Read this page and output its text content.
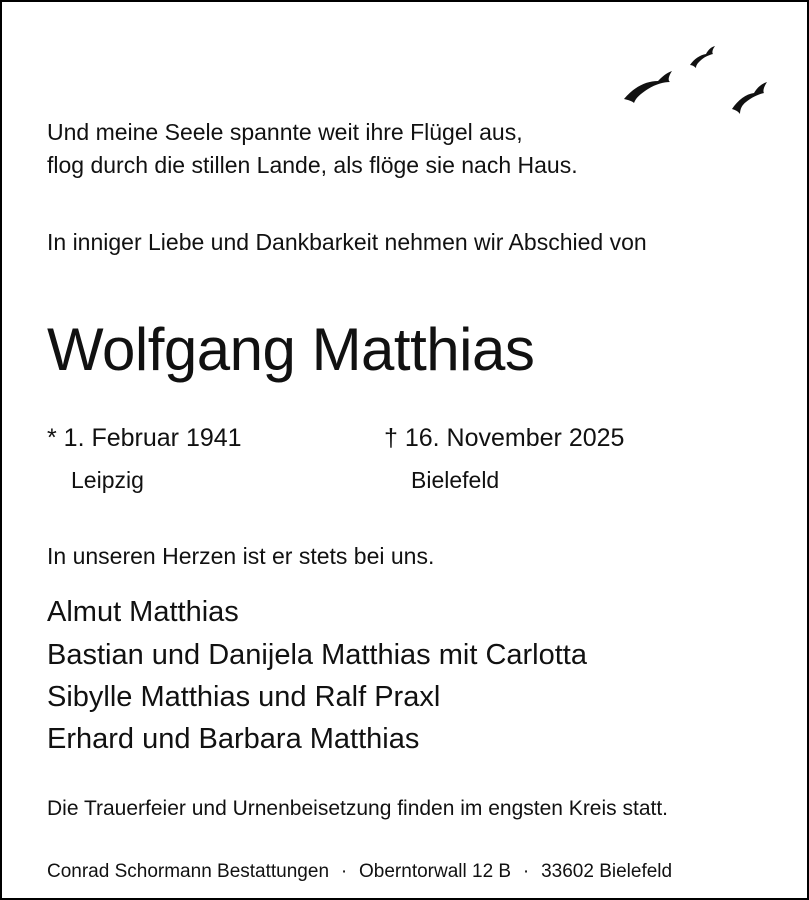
Und meine Seele spannte weit ihre Flügel aus,
flog durch die stillen Lande, als flöge sie nach Haus.
In inniger Liebe und Dankbarkeit nehmen wir Abschied von
Wolfgang Matthias
* 1. Februar 1941	† 16. November 2025
Leipzig	Bielefeld
In unseren Herzen ist er stets bei uns.
Almut Matthias
Bastian und Danijela Matthias mit Carlotta
Sibylle Matthias und Ralf Praxl
Erhard und Barbara Matthias
Die Trauerfeier und Urnenbeisetzung finden im engsten Kreis statt.
Conrad Schormann Bestattungen · Oberntorwall 12 B · 33602 Bielefeld
